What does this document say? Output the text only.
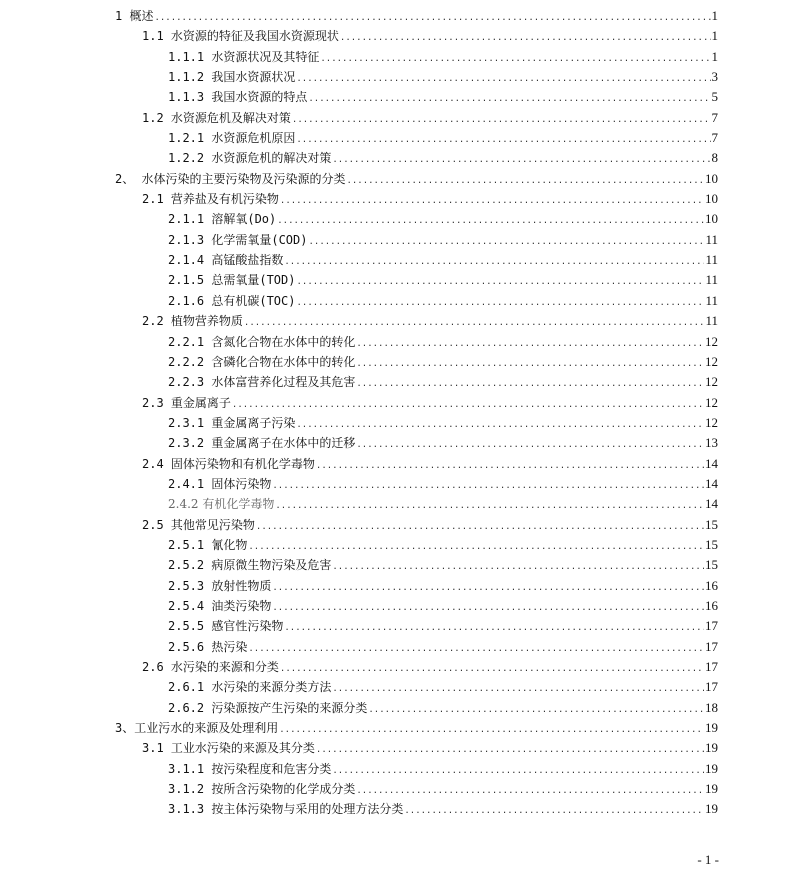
1 概述 .....	1
1.1 水资源的特征及我国水资源现状 .....	1
1.1.1 水资源状况及其特征 .....	1
1.1.2 我国水资源状况 .....	3
1.1.3 我国水资源的特点 .....	5
1.2 水资源危机及解决对策 .....	7
1.2.1 水资源危机原因 .....	7
1.2.2 水资源危机的解决对策 .....	8
2、 水体污染的主要污染物及污染源的分类 .....	10
2.1 营养盐及有机污染物 .....	10
2.1.1 溶解氧(Do) .....	10
2.1.3 化学需氧量(COD) .....	11
2.1.4 高锰酸盐指数 .....	11
2.1.5 总需氧量(TOD) .....	11
2.1.6 总有机碳(TOC) .....	11
2.2 植物营养物质 .....	11
2.2.1 含氮化合物在水体中的转化 .....	12
2.2.2 含磷化合物在水体中的转化 .....	12
2.2.3 水体富营养化过程及其危害 .....	12
2.3 重金属离子 .....	12
2.3.1 重金属离子污染 .....	12
2.3.2 重金属离子在水体中的迁移 .....	13
2.4 固体污染物和有机化学毒物 .....	14
2.4.1 固体污染物 .....	14
2.4.2 有机化学毒物 .....	14
2.5 其他常见污染物 .....	15
2.5.1 氰化物 .....	15
2.5.2 病原微生物污染及危害 .....	15
2.5.3 放射性物质 .....	16
2.5.4 油类污染物 .....	16
2.5.5 感官性污染物 .....	17
2.5.6 热污染 .....	17
2.6 水污染的来源和分类 .....	17
2.6.1 水污染的来源分类方法 .....	17
2.6.2 污染源按产生污染的来源分类 .....	18
3、工业污水的来源及处理利用 .....	19
3.1 工业水污染的来源及其分类 .....	19
3.1.1 按污染程度和危害分类 .....	19
3.1.2 按所含污染物的化学成分类 .....	19
3.1.3 按主体污染物与采用的处理方法分类 .....	19
- 1 -
